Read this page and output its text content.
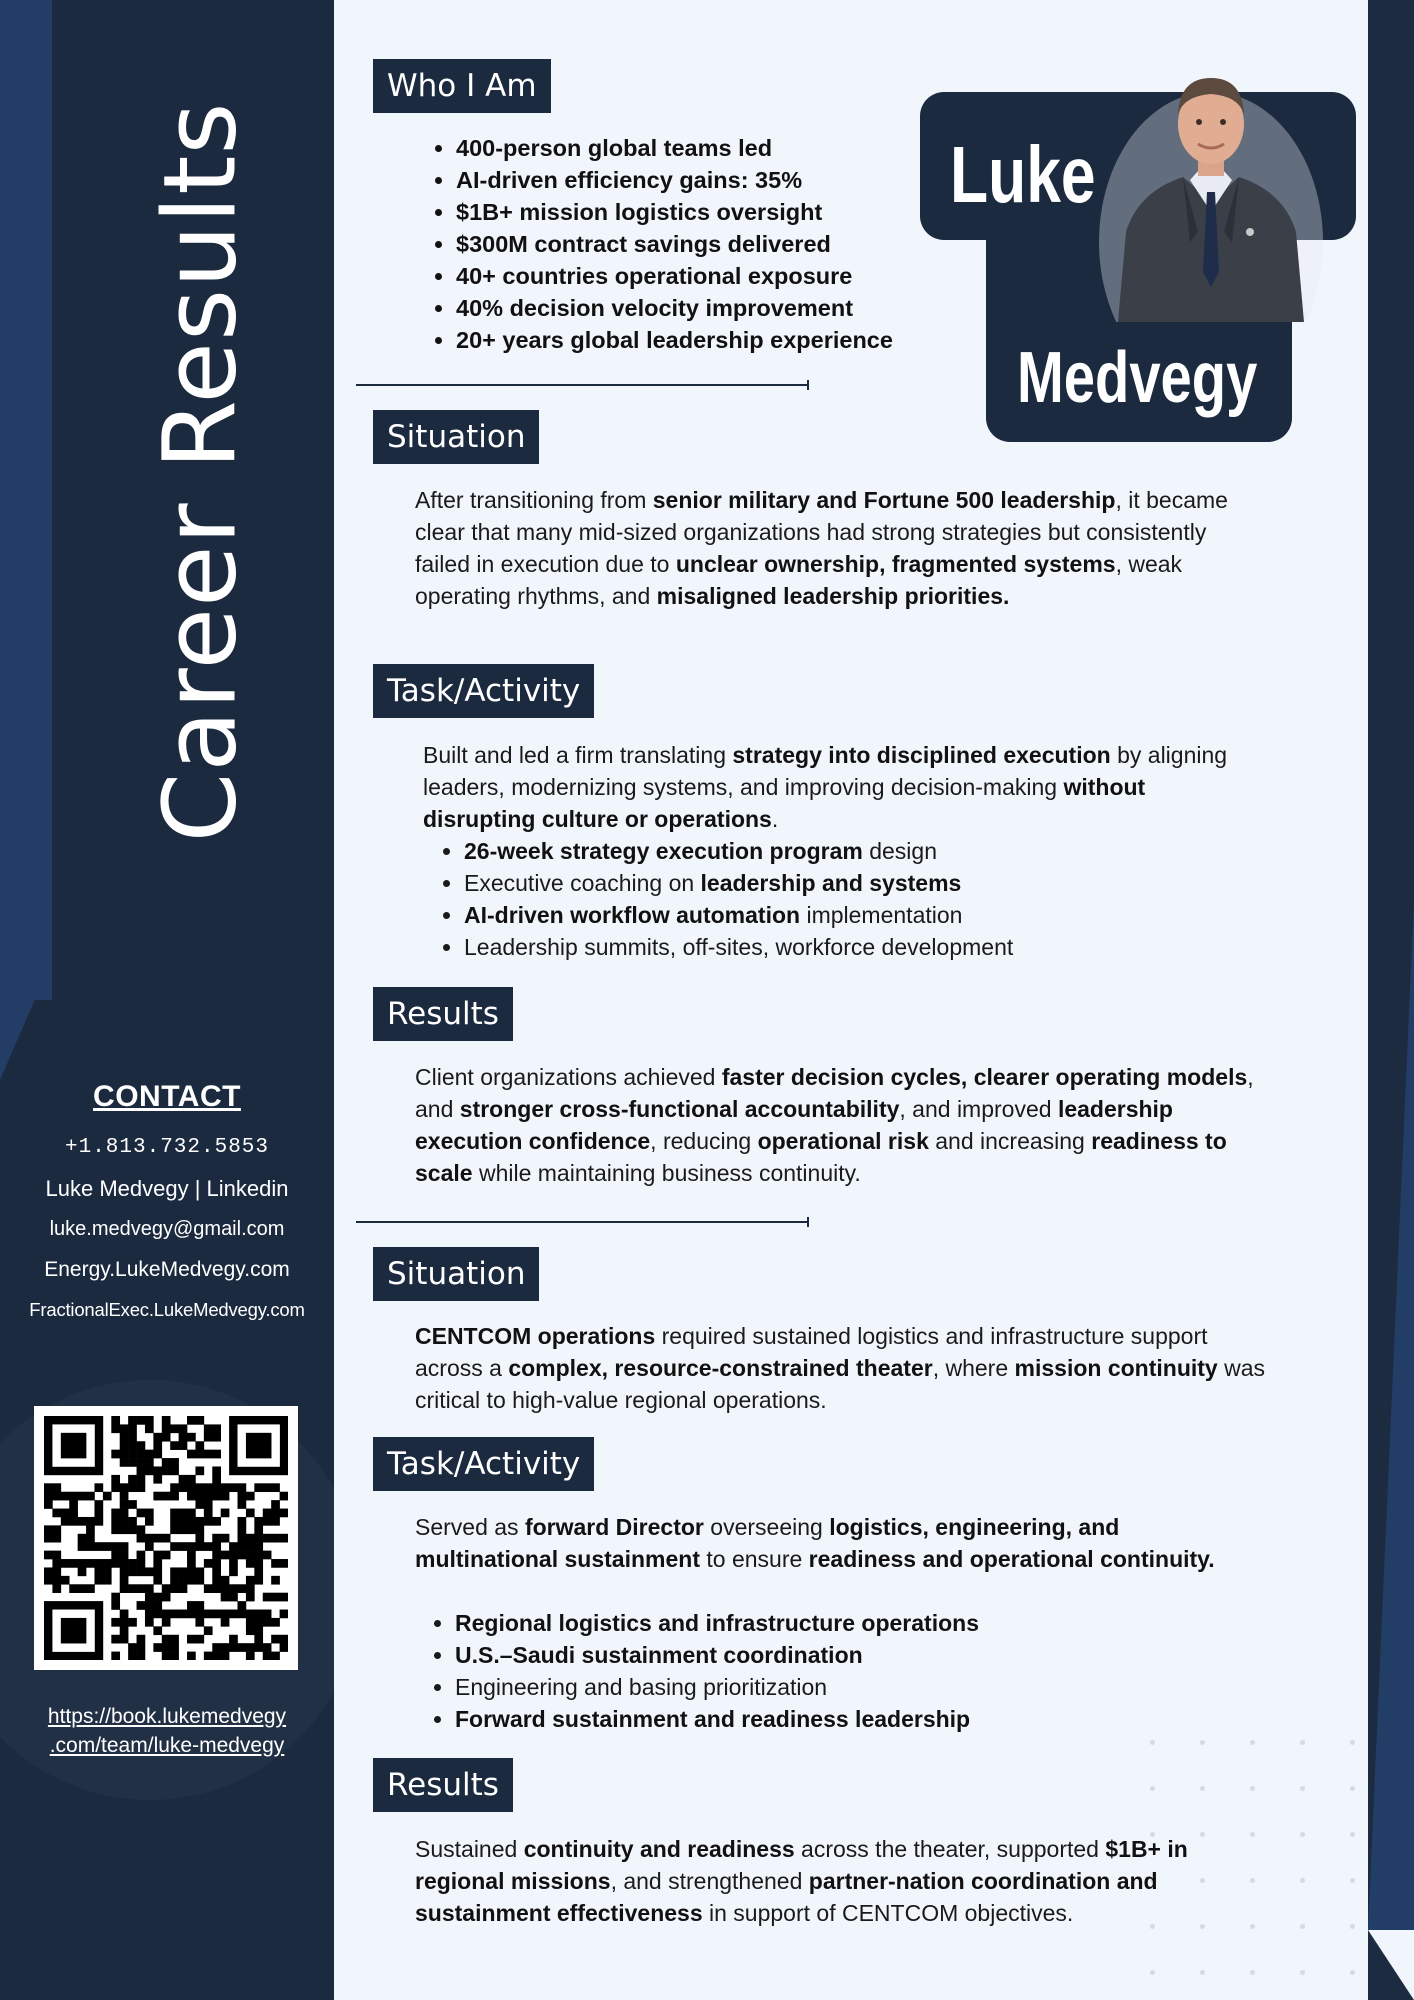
Career Results
CONTACT
+1.813.732.5853
Luke Medvegy | Linkedin
luke.medvegy@gmail.com
Energy.LukeMedvegy.com
FractionalExec.LukeMedvegy.com
https://book.lukemedvegy
.com/team/luke-medvegy
Luke
Medvegy
Who I Am
• 400-person global teams led
• AI-driven efficiency gains: 35%
• $1B+ mission logistics oversight
• $300M contract savings delivered
• 40+ countries operational exposure
• 40% decision velocity improvement
• 20+ years global leadership experience
Situation

After transitioning from senior military and Fortune 500 leadership, it became clear that many mid-sized organizations had strong strategies but consistently failed in execution due to unclear ownership, fragmented systems, weak operating rhythms, and misaligned leadership priorities.

Task/Activity

Built and led a firm translating strategy into disciplined execution by aligning leaders, modernizing systems, and improving decision-making without disrupting culture or operations.

• 26-week strategy execution program design
• Executive coaching on leadership and systems
• AI-driven workflow automation implementation
• Leadership summits, off-sites, workforce development
Results

Client organizations achieved faster decision cycles, clearer operating models, and stronger cross-functional accountability, and improved leadership execution confidence, reducing operational risk and increasing readiness to scale while maintaining business continuity.

Situation

CENTCOM operations required sustained logistics and infrastructure support across a complex, resource-constrained theater, where mission continuity was critical to high-value regional operations.

Task/Activity

Served as forward Director overseeing logistics, engineering, and multinational sustainment to ensure readiness and operational continuity.

• Regional logistics and infrastructure operations
• U.S.–Saudi sustainment coordination
• Engineering and basing prioritization
• Forward sustainment and readiness leadership
Results

Sustained continuity and readiness across the theater, supported $1B+ in regional missions, and strengthened partner-nation coordination and sustainment effectiveness in support of CENTCOM objectives.
